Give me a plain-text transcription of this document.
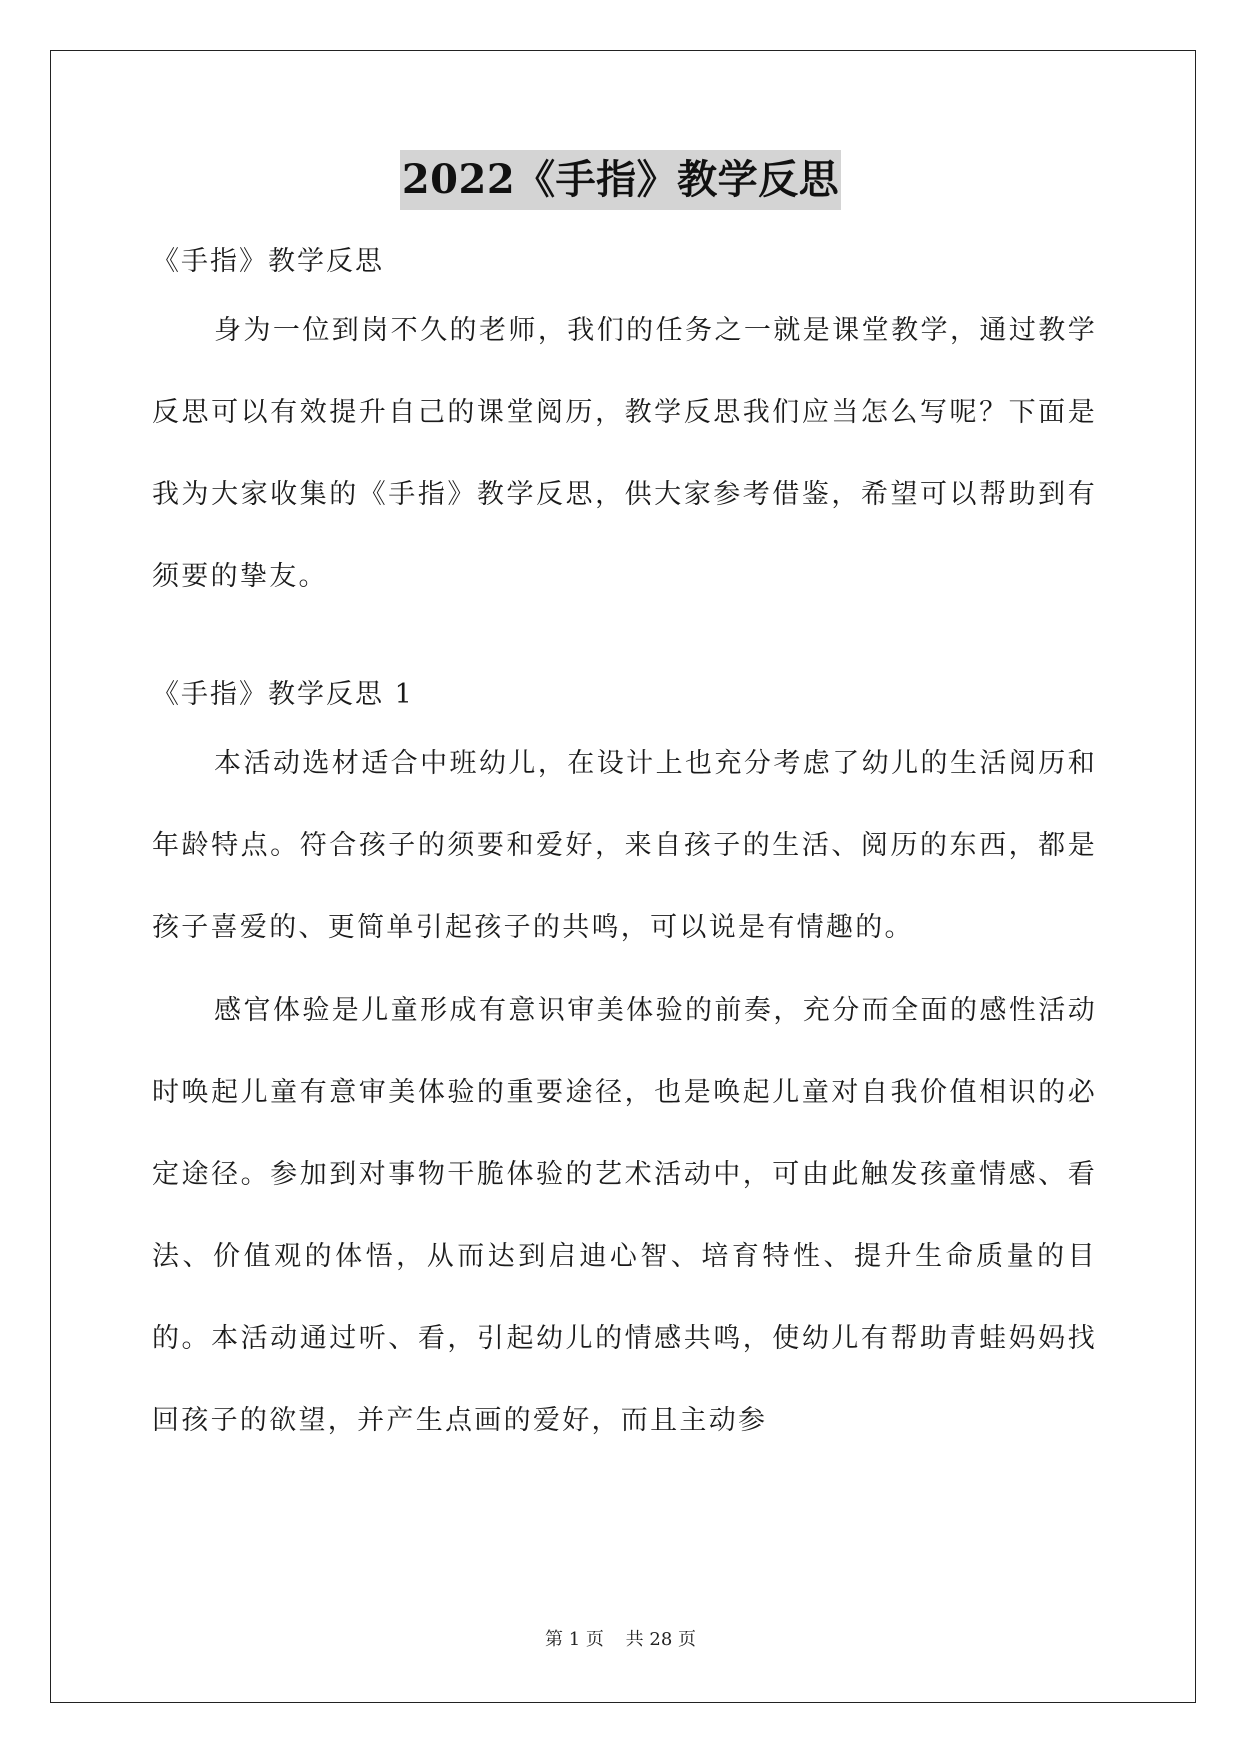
2022《手指》教学反思
《手指》教学反思

身为一位到岗不久的老师，我们的任务之一就是课堂教学，通过教学反思可以有效提升自己的课堂阅历，教学反思我们应当怎么写呢？下面是我为大家收集的《手指》教学反思，供大家参考借鉴，希望可以帮助到有须要的挚友。

《手指》教学反思 1

本活动选材适合中班幼儿，在设计上也充分考虑了幼儿的生活阅历和年龄特点。符合孩子的须要和爱好，来自孩子的生活、阅历的东西，都是孩子喜爱的、更简单引起孩子的共鸣，可以说是有情趣的。

感官体验是儿童形成有意识审美体验的前奏，充分而全面的感性活动时唤起儿童有意审美体验的重要途径，也是唤起儿童对自我价值相识的必定途径。参加到对事物干脆体验的艺术活动中，可由此触发孩童情感、看法、价值观的体悟，从而达到启迪心智、培育特性、提升生命质量的目的。本活动通过听、看，引起幼儿的情感共鸣，使幼儿有帮助青蛙妈妈找回孩子的欲望，并产生点画的爱好，而且主动参

第 1 页 共 28 页
